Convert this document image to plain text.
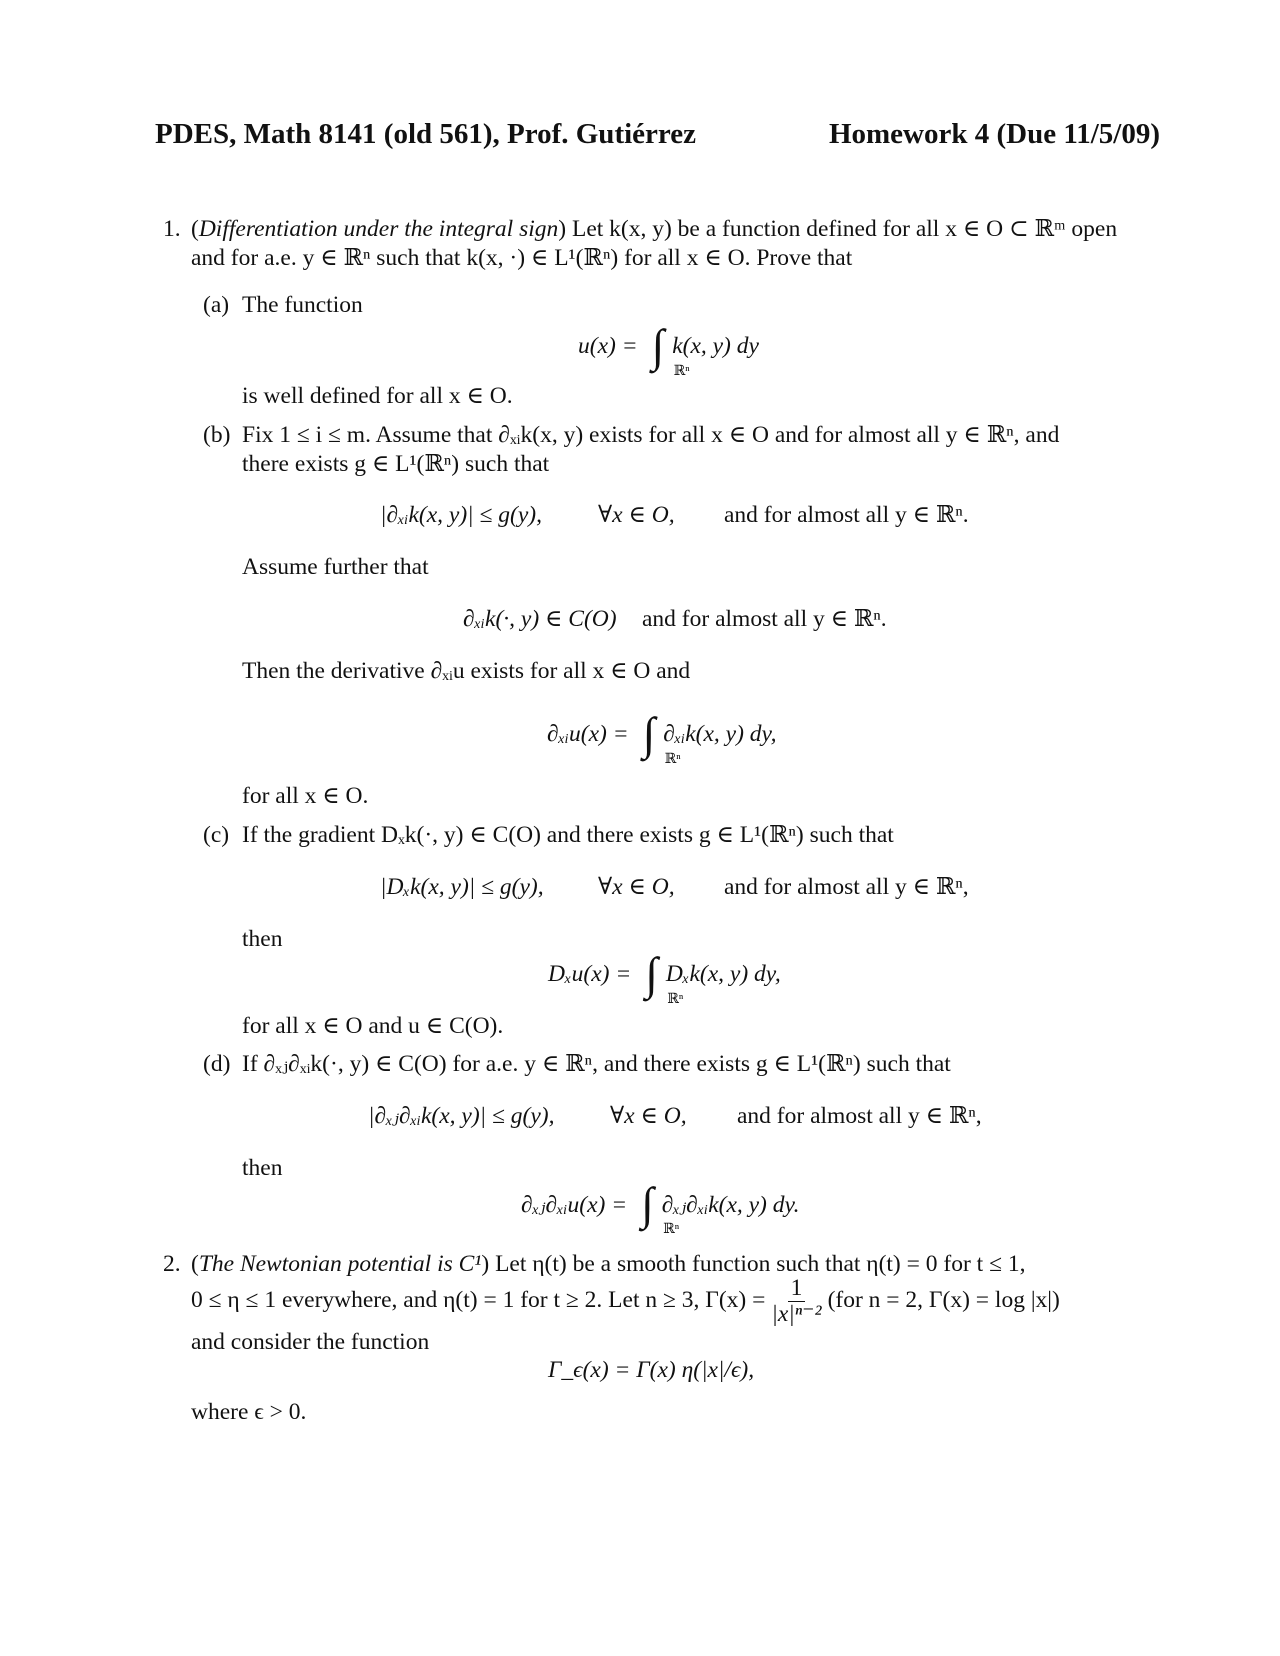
PDES, Math 8141 (old 561), Prof. Gutiérrez	Homework 4 (Due 11/5/09)
1. (Differentiation under the integral sign) Let k(x, y) be a function defined for all x ∈ O ⊂ ℝᵐ open
and for a.e. y ∈ ℝⁿ such that k(x, ·) ∈ L¹(ℝⁿ) for all x ∈ O. Prove that
(a) The function
u(x) = ∫
ℝⁿ
k(x, y) dy
is well defined for all x ∈ O.
(b) Fix 1 ≤ i ≤ m. Assume that ∂ₓᵢk(x, y) exists for all x ∈ O and for almost all y ∈ ℝⁿ, and
there exists g ∈ L¹(ℝⁿ) such that
|∂ₓᵢk(x, y)| ≤ g(y), ∀x ∈ O, and for almost all y ∈ ℝⁿ.
Assume further that
∂ₓᵢk(·, y) ∈ C(O) and for almost all y ∈ ℝⁿ.
Then the derivative ∂ₓᵢu exists for all x ∈ O and
∂ₓᵢu(x) = ∫
ℝⁿ
∂ₓᵢk(x, y) dy,
for all x ∈ O.
(c) If the gradient Dₓk(·, y) ∈ C(O) and there exists g ∈ L¹(ℝⁿ) such that
|Dₓk(x, y)| ≤ g(y), ∀x ∈ O, and for almost all y ∈ ℝⁿ,
then
Dₓu(x) = ∫
ℝⁿ
Dₓk(x, y) dy,
for all x ∈ O and u ∈ C(O).
(d) If ∂ₓⱼ∂ₓᵢk(·, y) ∈ C(O) for a.e. y ∈ ℝⁿ, and there exists g ∈ L¹(ℝⁿ) such that
|∂ₓⱼ∂ₓᵢk(x, y)| ≤ g(y), ∀x ∈ O, and for almost all y ∈ ℝⁿ,
then
∂ₓⱼ∂ₓᵢu(x) = ∫
ℝⁿ
∂ₓⱼ∂ₓᵢk(x, y) dy.
2. (The Newtonian potential is C¹) Let η(t) be a smooth function such that η(t) = 0 for t ≤ 1,
0 ≤ η ≤ 1 everywhere, and η(t) = 1 for t ≥ 2. Let n ≥ 3, $\Gamma(x) = \frac{1}{\text{|x|ⁿ⁻²}} (for$ n = 2, Γ(x) = log |x|)
and consider the function
Γ_ϵ(x) = Γ(x) η(|x|/ϵ),
where ϵ > 0.
